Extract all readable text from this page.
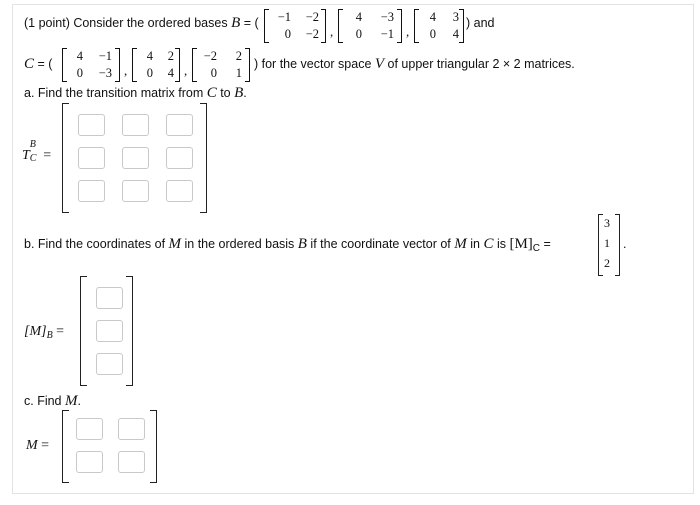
(1 point) Consider the ordered bases B = (	−1	−2
0	−2 ,
4	−3
0	−1 ,
4	3
0	4
) and
C = (
4	−1
0	−3 ,
4	2
0	4 ,
−2	2
0	1
) for the vector space V of upper triangular 2 × 2 matrices.
a. Find the transition matrix from C to B.
T
B
C =
b. Find the coordinates of M in the ordered basis B if the coordinate vector of M in C is $[M]_C$ =
3
1
2
.
$[M]_B$ =
c. Find M.
M =
